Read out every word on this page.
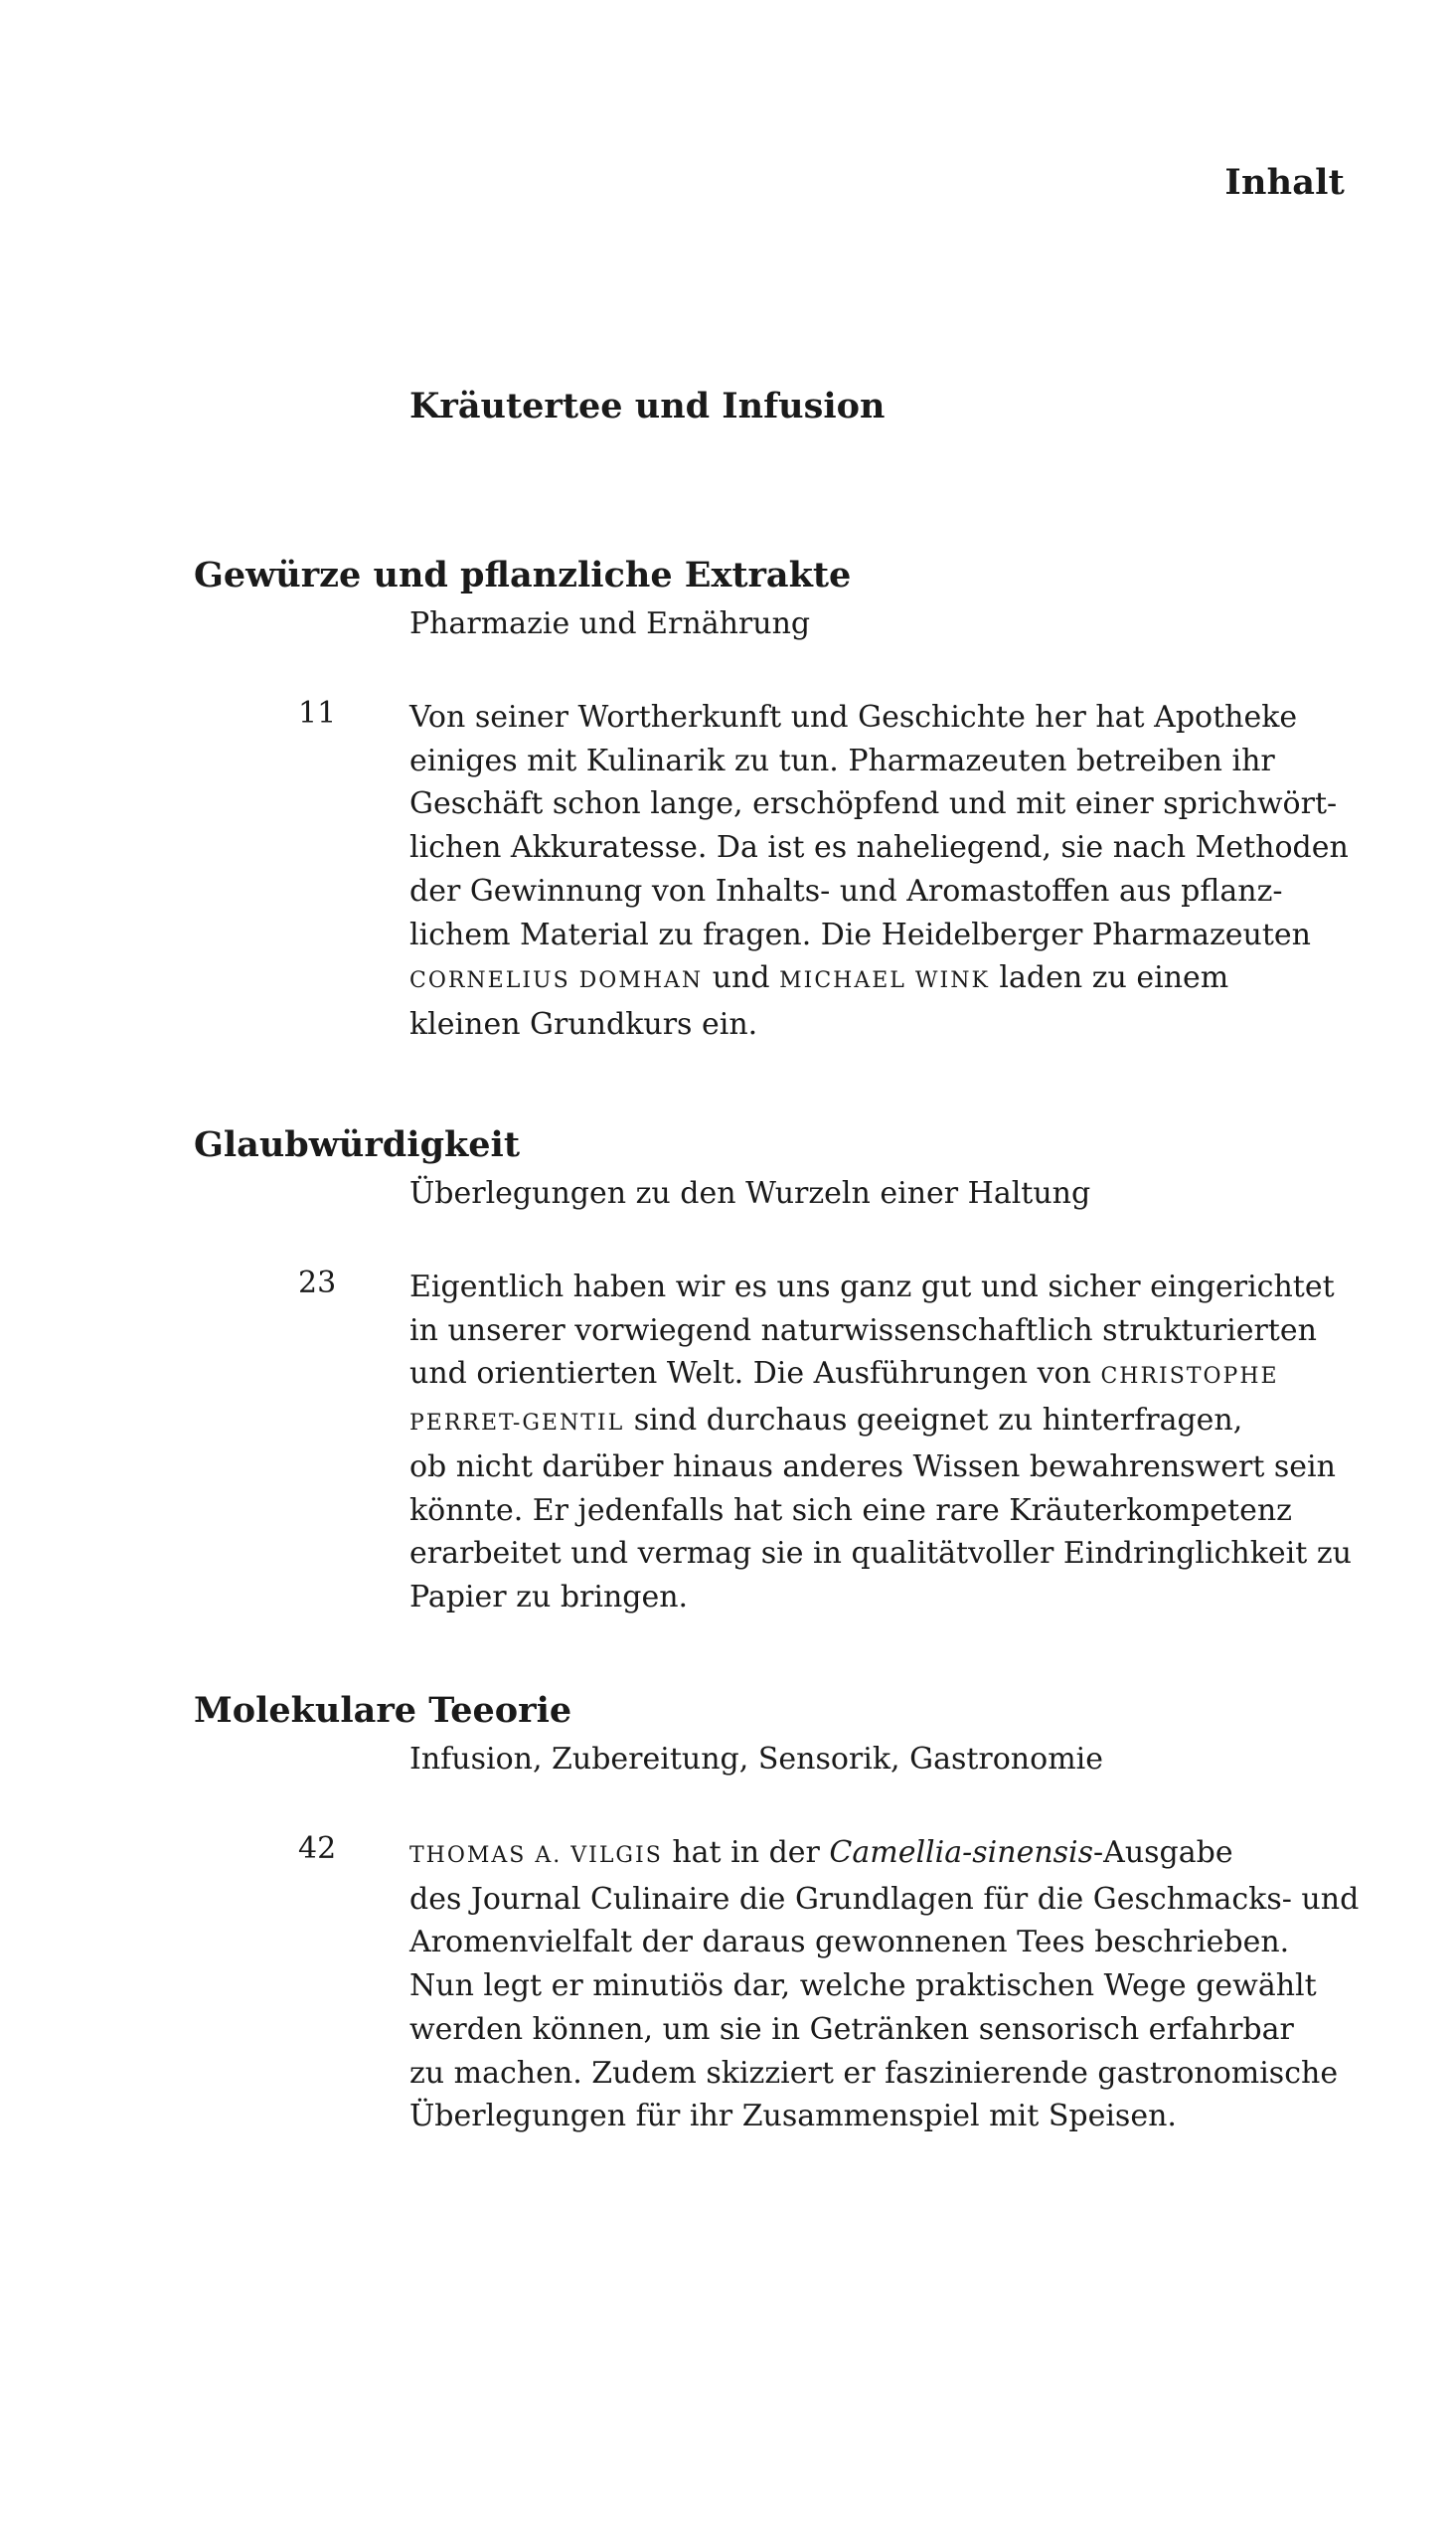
Inhalt
Kräutertee und Infusion
Gewürze und pflanzliche Extrakte
Pharmazie und Ernährung
11 Von seiner Wortherkunft und Geschichte her hat Apotheke
einiges mit Kulinarik zu tun. Pharmazeuten betreiben ihr
Geschäft schon lange, erschöpfend und mit einer sprichwört-
lichen Akkuratesse. Da ist es naheliegend, sie nach Methoden
der Gewinnung von Inhalts- und Aromastoffen aus pflanz-
lichem Material zu fragen. Die Heidelberger Pharmazeuten
CORNELIUS DOMHAN und MICHAEL WINK laden zu einem
kleinen Grundkurs ein.

Glaubwürdigkeit
Überlegungen zu den Wurzeln einer Haltung
23 Eigentlich haben wir es uns ganz gut und sicher eingerichtet
in unserer vorwiegend naturwissenschaftlich strukturierten
und orientierten Welt. Die Ausführungen von CHRISTOPHE
PERRET-GENTIL sind durchaus geeignet zu hinterfragen,
ob nicht darüber hinaus anderes Wissen bewahrenswert sein
könnte. Er jedenfalls hat sich eine rare Kräuterkompetenz
erarbeitet und vermag sie in qualitätvoller Eindringlichkeit zu
Papier zu bringen.

Molekulare Teeorie
Infusion, Zubereitung, Sensorik, Gastronomie
42	THOMAS A. VILGIS hat in der Camellia-sinensis-Ausgabe
des Journal Culinaire die Grundlagen für die Geschmacks- und
Aromenvielfalt der daraus gewonnenen Tees beschrieben.
Nun legt er minutiös dar, welche praktischen Wege gewählt
werden können, um sie in Getränken sensorisch erfahrbar
zu machen. Zudem skizziert er faszinierende gastronomische
Überlegungen für ihr Zusammenspiel mit Speisen.
